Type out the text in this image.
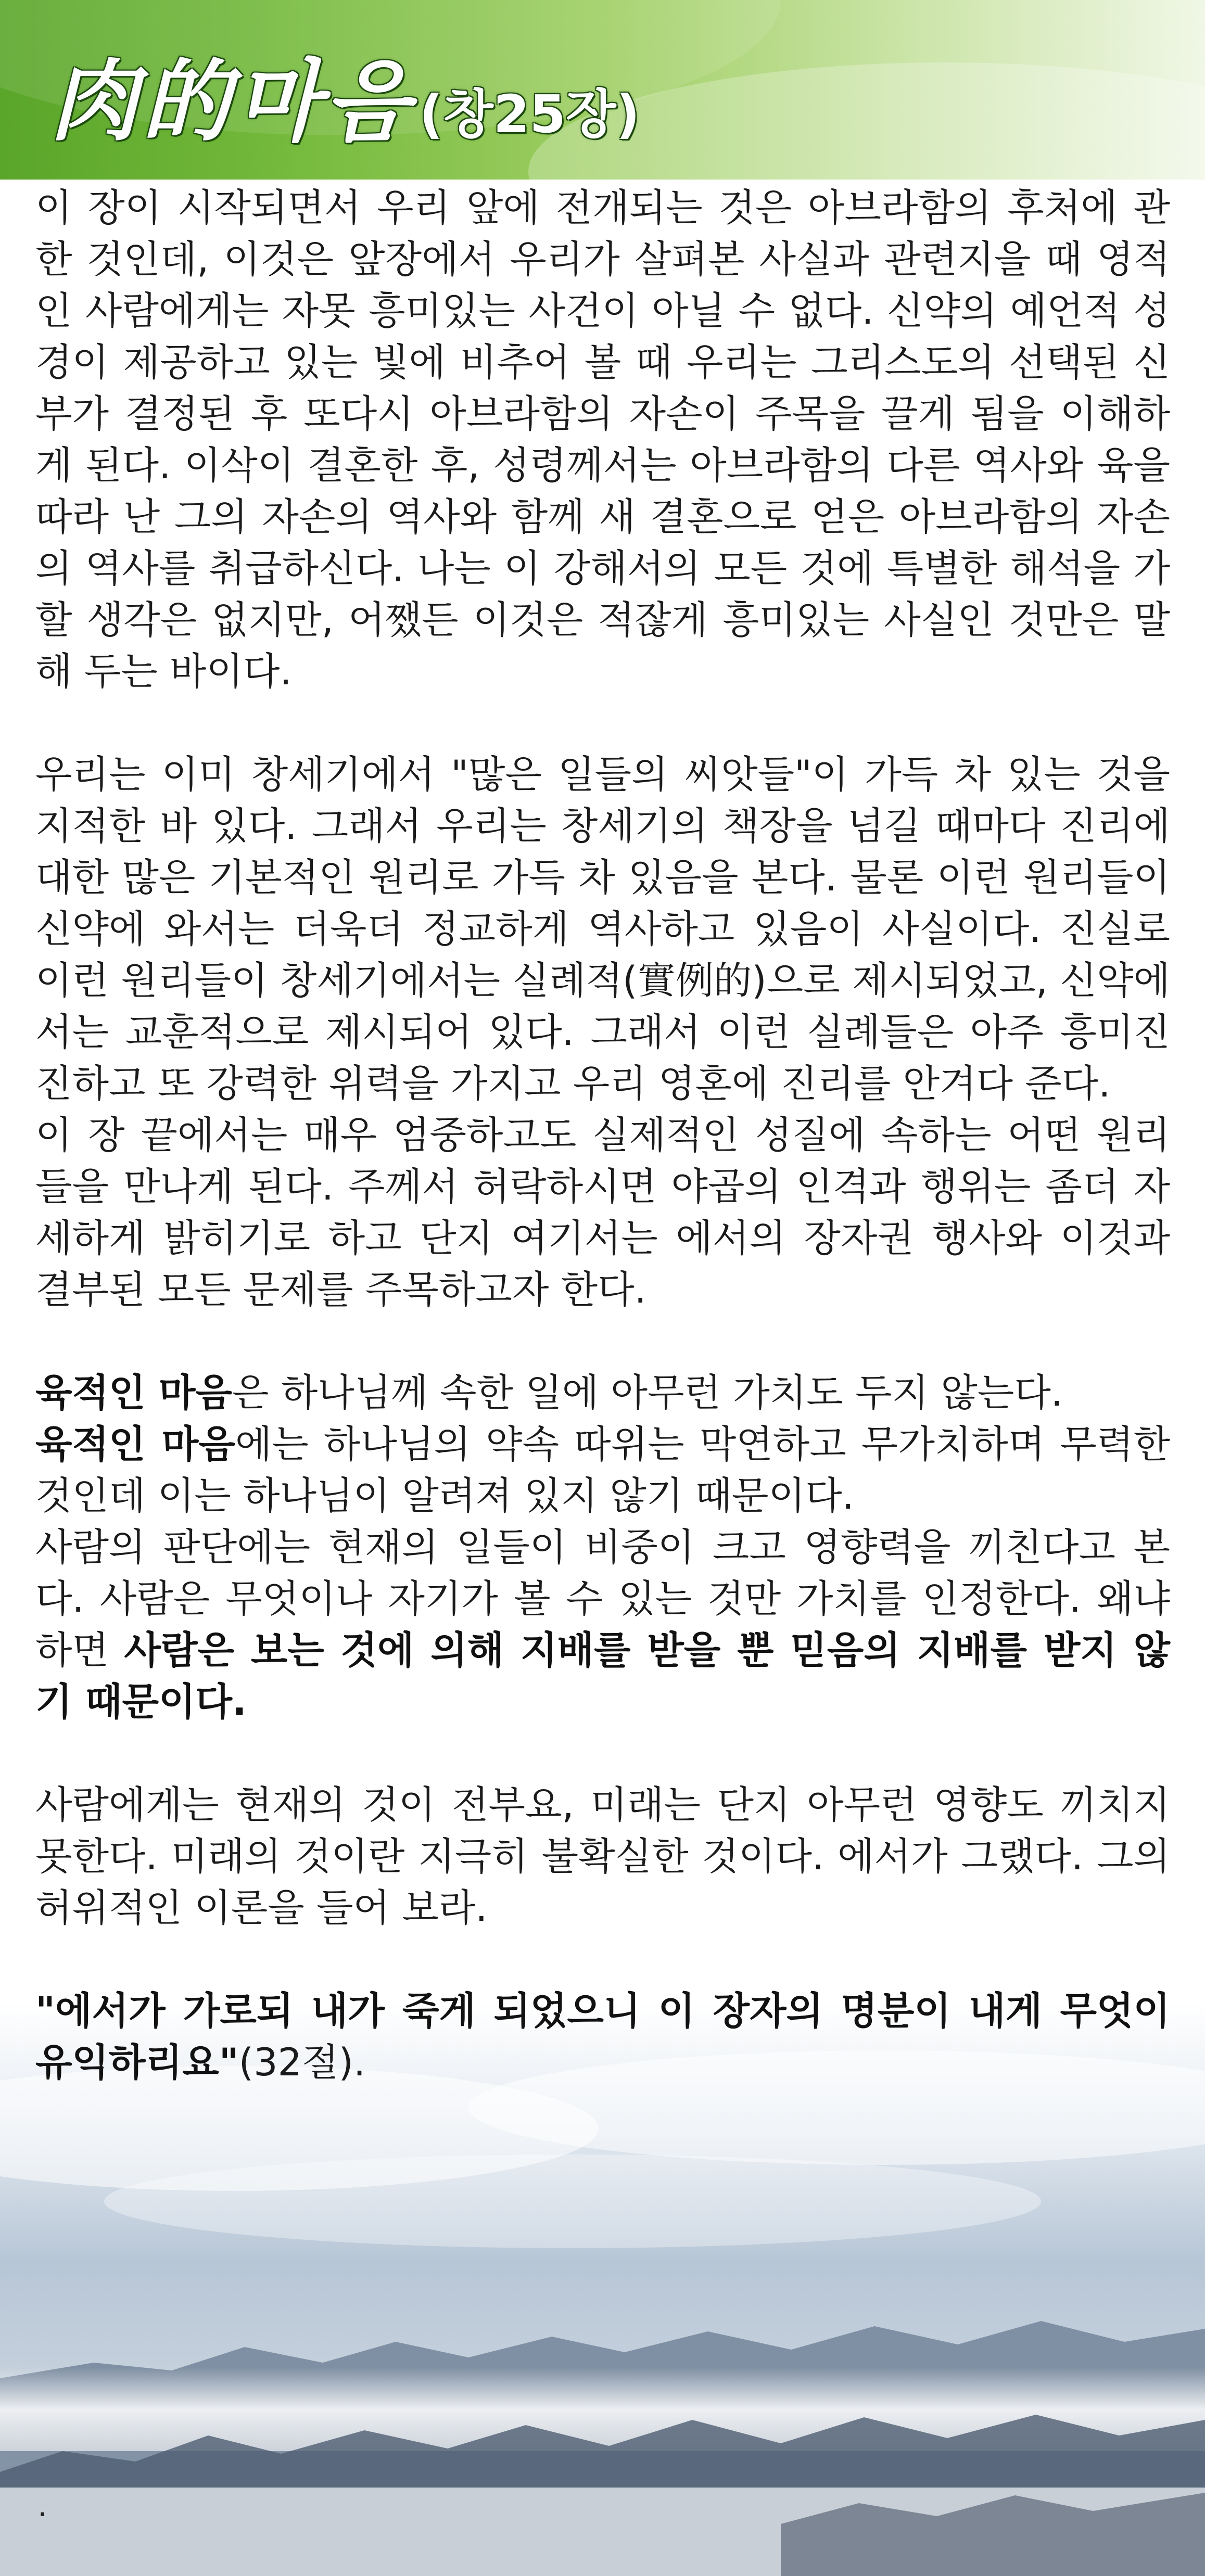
肉的마음 (창25장)

이 장이 시작되면서 우리 앞에 전개되는 것은 아브라함의 후처에 관한 것인데, 이것은 앞장에서 우리가 살펴본 사실과 관련지을 때 영적인 사람에게는 자못 흥미있는 사건이 아닐 수 없다. 신약의 예언적 성경이 제공하고 있는 빛에 비추어 볼 때 우리는 그리스도의 선택된 신부가 결정된 후 또다시 아브라함의 자손이 주목을 끌게 됨을 이해하게 된다. 이삭이 결혼한 후, 성령께서는 아브라함의 다른 역사와 육을 따라 난 그의 자손의 역사와 함께 새 결혼으로 얻은 아브라함의 자손의 역사를 취급하신다. 나는 이 강해서의 모든 것에 특별한 해석을 가할 생각은 없지만, 어쨌든 이것은 적잖게 흥미있는 사실인 것만은 말해 두는 바이다.

우리는 이미 창세기에서 "많은 일들의 씨앗들"이 가득 차 있는 것을 지적한 바 있다. 그래서 우리는 창세기의 책장을 넘길 때마다 진리에 대한 많은 기본적인 원리로 가득 차 있음을 본다. 물론 이런 원리들이 신약에 와서는 더욱더 정교하게 역사하고 있음이 사실이다. 진실로 이런 원리들이 창세기에서는 실례적(實例的)으로 제시되었고, 신약에서는 교훈적으로 제시되어 있다. 그래서 이런 실례들은 아주 흥미진진하고 또 강력한 위력을 가지고 우리 영혼에 진리를 안겨다 준다.

이 장 끝에서는 매우 엄중하고도 실제적인 성질에 속하는 어떤 원리들을 만나게 된다. 주께서 허락하시면 야곱의 인격과 행위는 좀더 자세하게 밝히기로 하고 단지 여기서는 에서의 장자권 행사와 이것과 결부된 모든 문제를 주목하고자 한다.

육적인 마음은 하나님께 속한 일에 아무런 가치도 두지 않는다.

육적인 마음에는 하나님의 약속 따위는 막연하고 무가치하며 무력한 것인데 이는 하나님이 알려져 있지 않기 때문이다.

사람의 판단에는 현재의 일들이 비중이 크고 영향력을 끼친다고 본다. 사람은 무엇이나 자기가 볼 수 있는 것만 가치를 인정한다. 왜냐하면 사람은 보는 것에 의해 지배를 받을 뿐 믿음의 지배를 받지 않기 때문이다.

사람에게는 현재의 것이 전부요, 미래는 단지 아무런 영향도 끼치지 못한다. 미래의 것이란 지극히 불확실한 것이다. 에서가 그랬다. 그의 허위적인 이론을 들어 보라.

"에서가 가로되 내가 죽게 되었으니 이 장자의 명분이 내게 무엇이 유익하리요"(32절).

.
